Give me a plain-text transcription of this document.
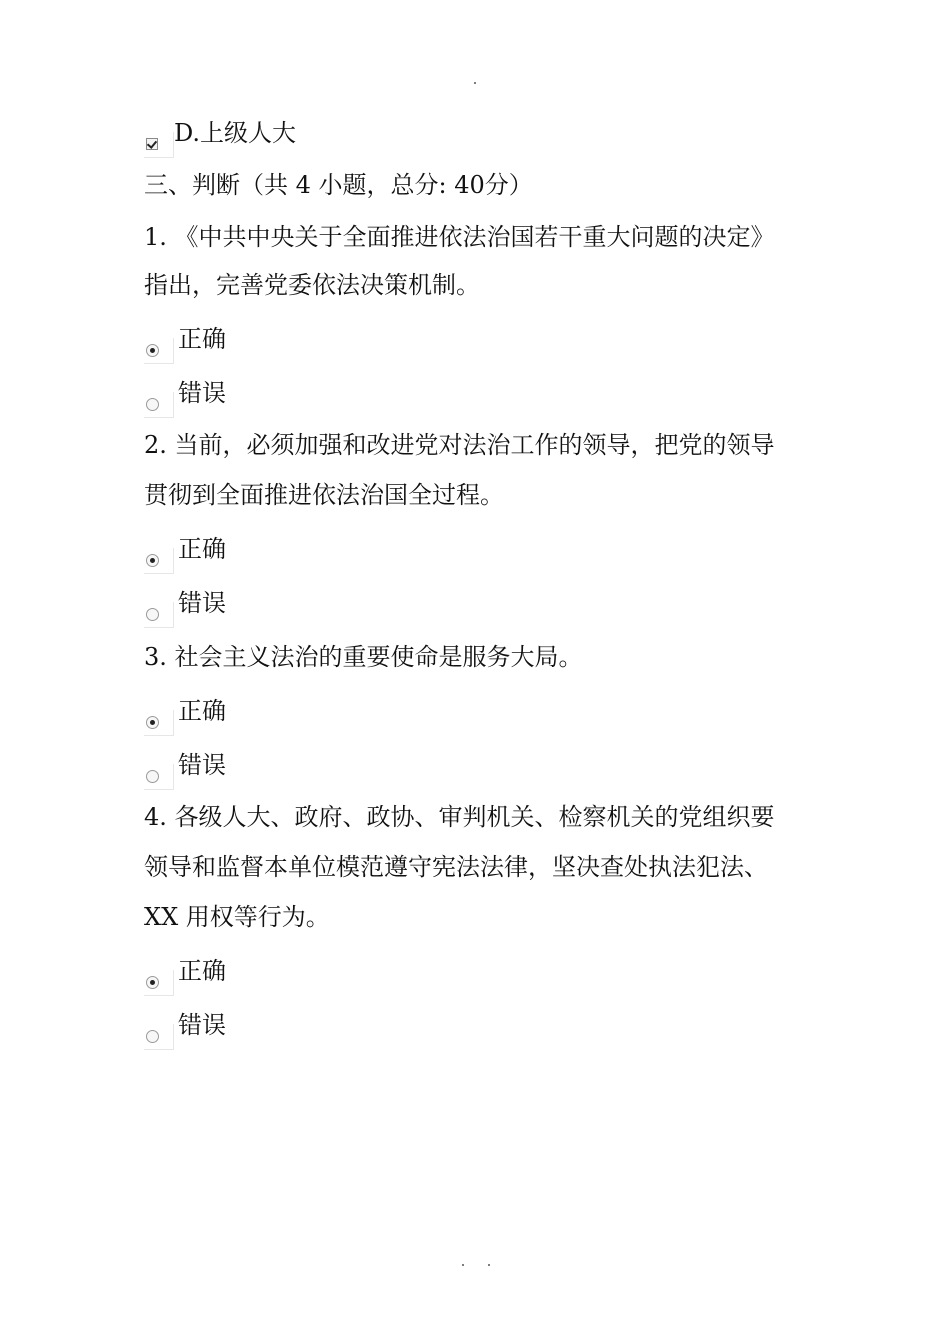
D.上级人大
三、判断（共 4 小题，总分: 40分）
1. 《中共中央关于全面推进依法治国若干重大问题的决定》
指出，完善党委依法决策机制。
正确
错误
2. 当前，必须加强和改进党对法治工作的领导，把党的领导
贯彻到全面推进依法治国全过程。
正确
错误
3. 社会主义法治的重要使命是服务大局。
正确
错误
4. 各级人大、政府、政协、审判机关、检察机关的党组织要
领导和监督本单位模范遵守宪法法律，坚决查处执法犯法、
XX 用权等行为。
正确
错误
